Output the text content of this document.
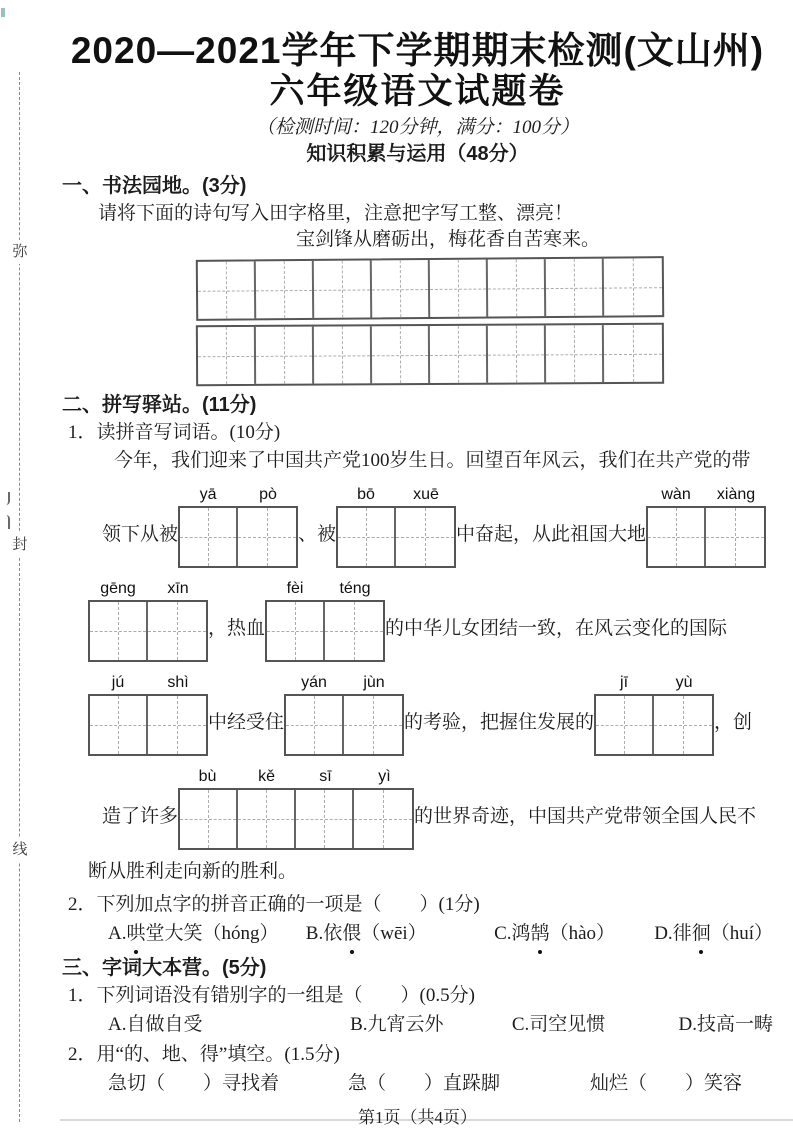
弥
封
线
2020—2021学年下学期期末检测(文山州)
六年级语文试题卷
（检测时间：120分钟，满分：100分）
知识积累与运用（48分）
一、书法园地。(3分)
请将下面的诗句写入田字格里，注意把字写工整、漂亮！
宝剑锋从磨砺出，梅花香自苦寒来。
二、拼写驿站。(11分)
1．读拼音写词语。(10分)
今年，我们迎来了中国共产党100岁生日。回望百年风云，我们在共产党的带
领下从被
yā	pò
、被
bō	xuē
中奋起，从此祖国大地
wàn	xiàng
gēng	xīn
，热血
fèi	téng
的中华儿女团结一致，在风云变化的国际
jú	shì
中经受住
yán	jùn
的考验，把握住发展的
jī	yù
，创
造了许多
bù	kě	sī	yì
的世界奇迹，中国共产党带领全国人民不
断从胜利走向新的胜利。
2．下列加点字的拼音正确的一项是（　　）(1分)
A.哄堂大笑（hóng）	B.依偎（wēi）	C.鸿鹄（hào）	D.徘徊（huí）
三、字词大本营。(5分)
1．下列词语没有错别字的一组是（　　）(0.5分)
A.自做自受	B.九宵云外	C.司空见惯	D.技高一畴
2．用“的、地、得”填空。(1.5分)
急切（　　）寻找着	急（　　）直跺脚	灿烂（　　）笑容
第1页（共4页）
